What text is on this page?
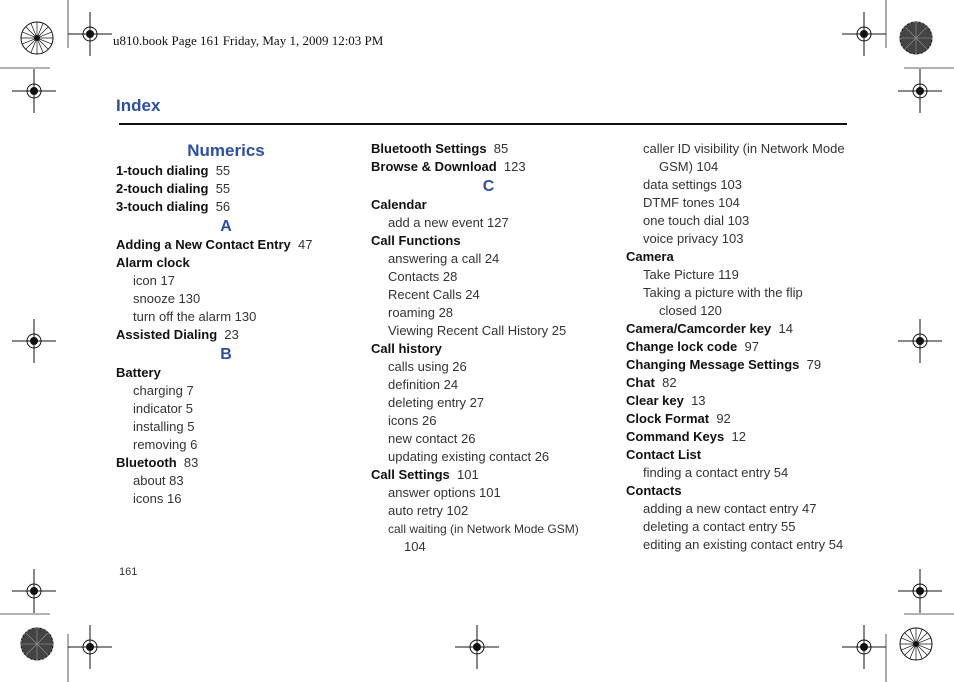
u810.book Page 161 Friday, May 1, 2009 12:03 PM
Index
Numerics
1-touch dialing 55
2-touch dialing 55
3-touch dialing 56
A
Adding a New Contact Entry 47
Alarm clock
icon 17
snooze 130
turn off the alarm 130
Assisted Dialing 23
B
Battery
charging 7
indicator 5
installing 5
removing 6
Bluetooth 83
about 83
icons 16
Bluetooth Settings 85
Browse & Download 123
C
Calendar
add a new event 127
Call Functions
answering a call 24
Contacts 28
Recent Calls 24
roaming 28
Viewing Recent Call History 25
Call history
calls using 26
definition 24
deleting entry 27
icons 26
new contact 26
updating existing contact 26
Call Settings 101
answer options 101
auto retry 102
call waiting (in Network Mode GSM)
104
caller ID visibility (in Network Mode
GSM) 104
data settings 103
DTMF tones 104
one touch dial 103
voice privacy 103
Camera
Take Picture 119
Taking a picture with the flip
closed 120
Camera/Camcorder key 14
Change lock code 97
Changing Message Settings 79
Chat 82
Clear key 13
Clock Format 92
Command Keys 12
Contact List
finding a contact entry 54
Contacts
adding a new contact entry 47
deleting a contact entry 55
editing an existing contact entry 54
161
